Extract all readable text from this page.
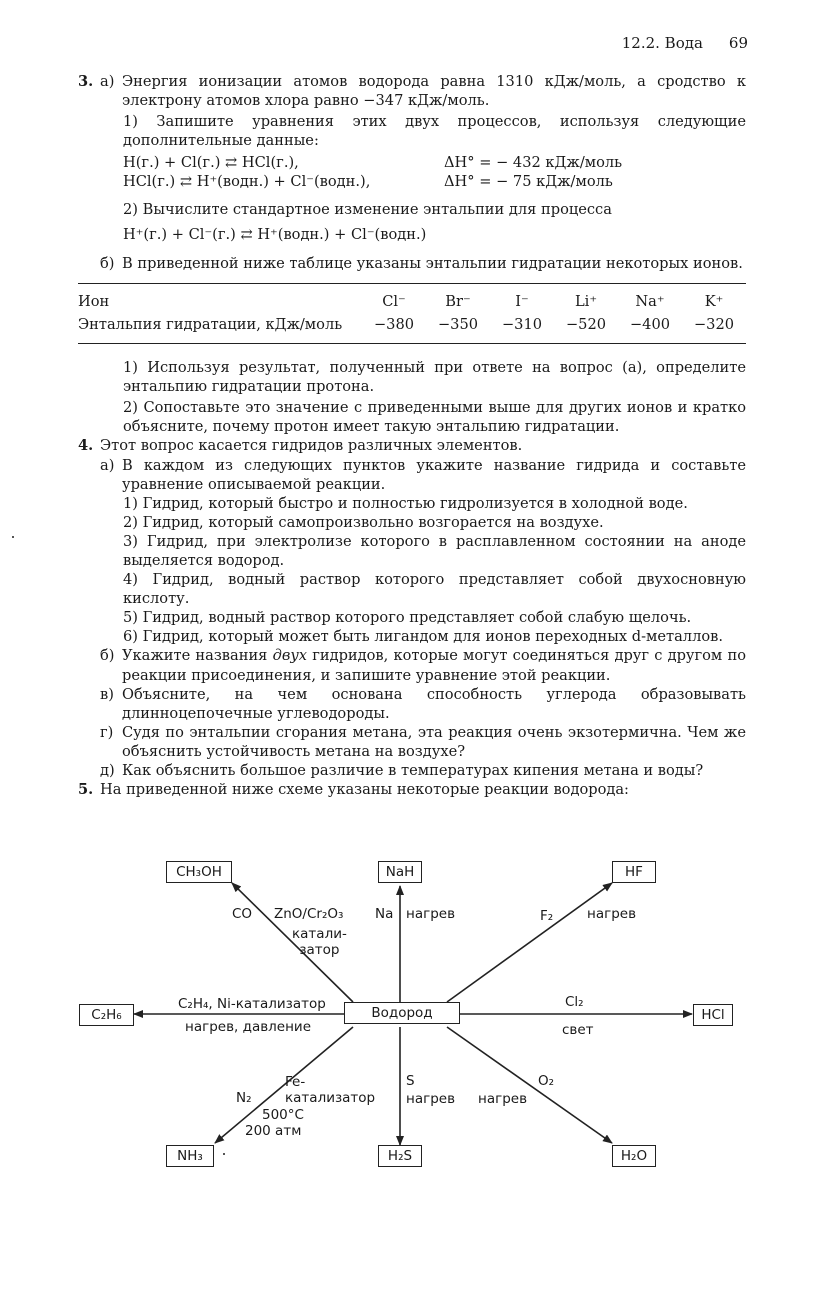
12.2. Вода 69
3. а) Энергия ионизации атомов водорода равна 1310 кДж/моль, а сродство к электрону атомов хлора равно −347 кДж/моль.

1) Запишите уравнения этих двух процессов, используя следующие дополнительные данные:

H(г.) + Cl(г.) ⇄ HCl(г.),	ΔH° = − 432 кДж/моль
HCl(г.) ⇄ H⁺(водн.) + Cl⁻(водн.),	ΔH° = − 75 кДж/моль

2) Вычислите стандартное изменение энтальпии для процесса

H⁺(г.) + Cl⁻(г.) ⇄ H⁺(водн.) + Cl⁻(водн.)

б) В приведенной ниже таблице указаны энтальпии гидратации некоторых ионов.
Ион	Cl⁻	Br⁻	I⁻	Li⁺	Na⁺	K⁺
Энтальпия гидратации, кДж/моль	−380	−350	−310	−520	−400	−320

1) Используя результат, полученный при ответе на вопрос (а), определите энтальпию гидратации протона.

2) Сопоставьте это значение с приведенными выше для других ионов и кратко объясните, почему протон имеет такую энтальпию гидратации.

4. Этот вопрос касается гидридов различных элементов.
а) В каждом из следующих пунктов укажите название гидрида и составьте уравнение описываемой реакции.

1) Гидрид, который быстро и полностью гидролизуется в холодной воде.

2) Гидрид, который самопроизвольно возгорается на воздухе.

3) Гидрид, при электролизе которого в расплавленном состоянии на аноде выделяется водород.

4) Гидрид, водный раствор которого представляет собой двухосновную кислоту.

5) Гидрид, водный раствор которого представляет собой слабую щелочь.

6) Гидрид, который может быть лигандом для ионов переходных d-металлов.

б) Укажите названия двух гидридов, которые могут соединяться друг с другом по реакции присоединения, и запишите уравнение этой реакции.
в) Объясните, на чем основана способность углерода образовывать длинноцепочечные углеводороды.
г) Судя по энтальпии сгорания метана, эта реакция очень экзотермична. Чем же объяснить устойчивость метана на воздухе?
д) Как объяснить большое различие в температурах кипения метана и воды?
5. На приведенной ниже схеме указаны некоторые реакции водорода:
Водород
CH₃OH	NaH	HF
C₂H₆	HCl
NH₃	H₂S	H₂O
CO ZnO/Cr₂O₃
катали-
затор
Na нагрев	F₂	нагрев
C₂H₄, Ni-катализатор
нагрев, давление
Cl₂
свет
N₂
Fe-
катализатор
500°C
200 атм
S
нагрев нагрев
O₂
